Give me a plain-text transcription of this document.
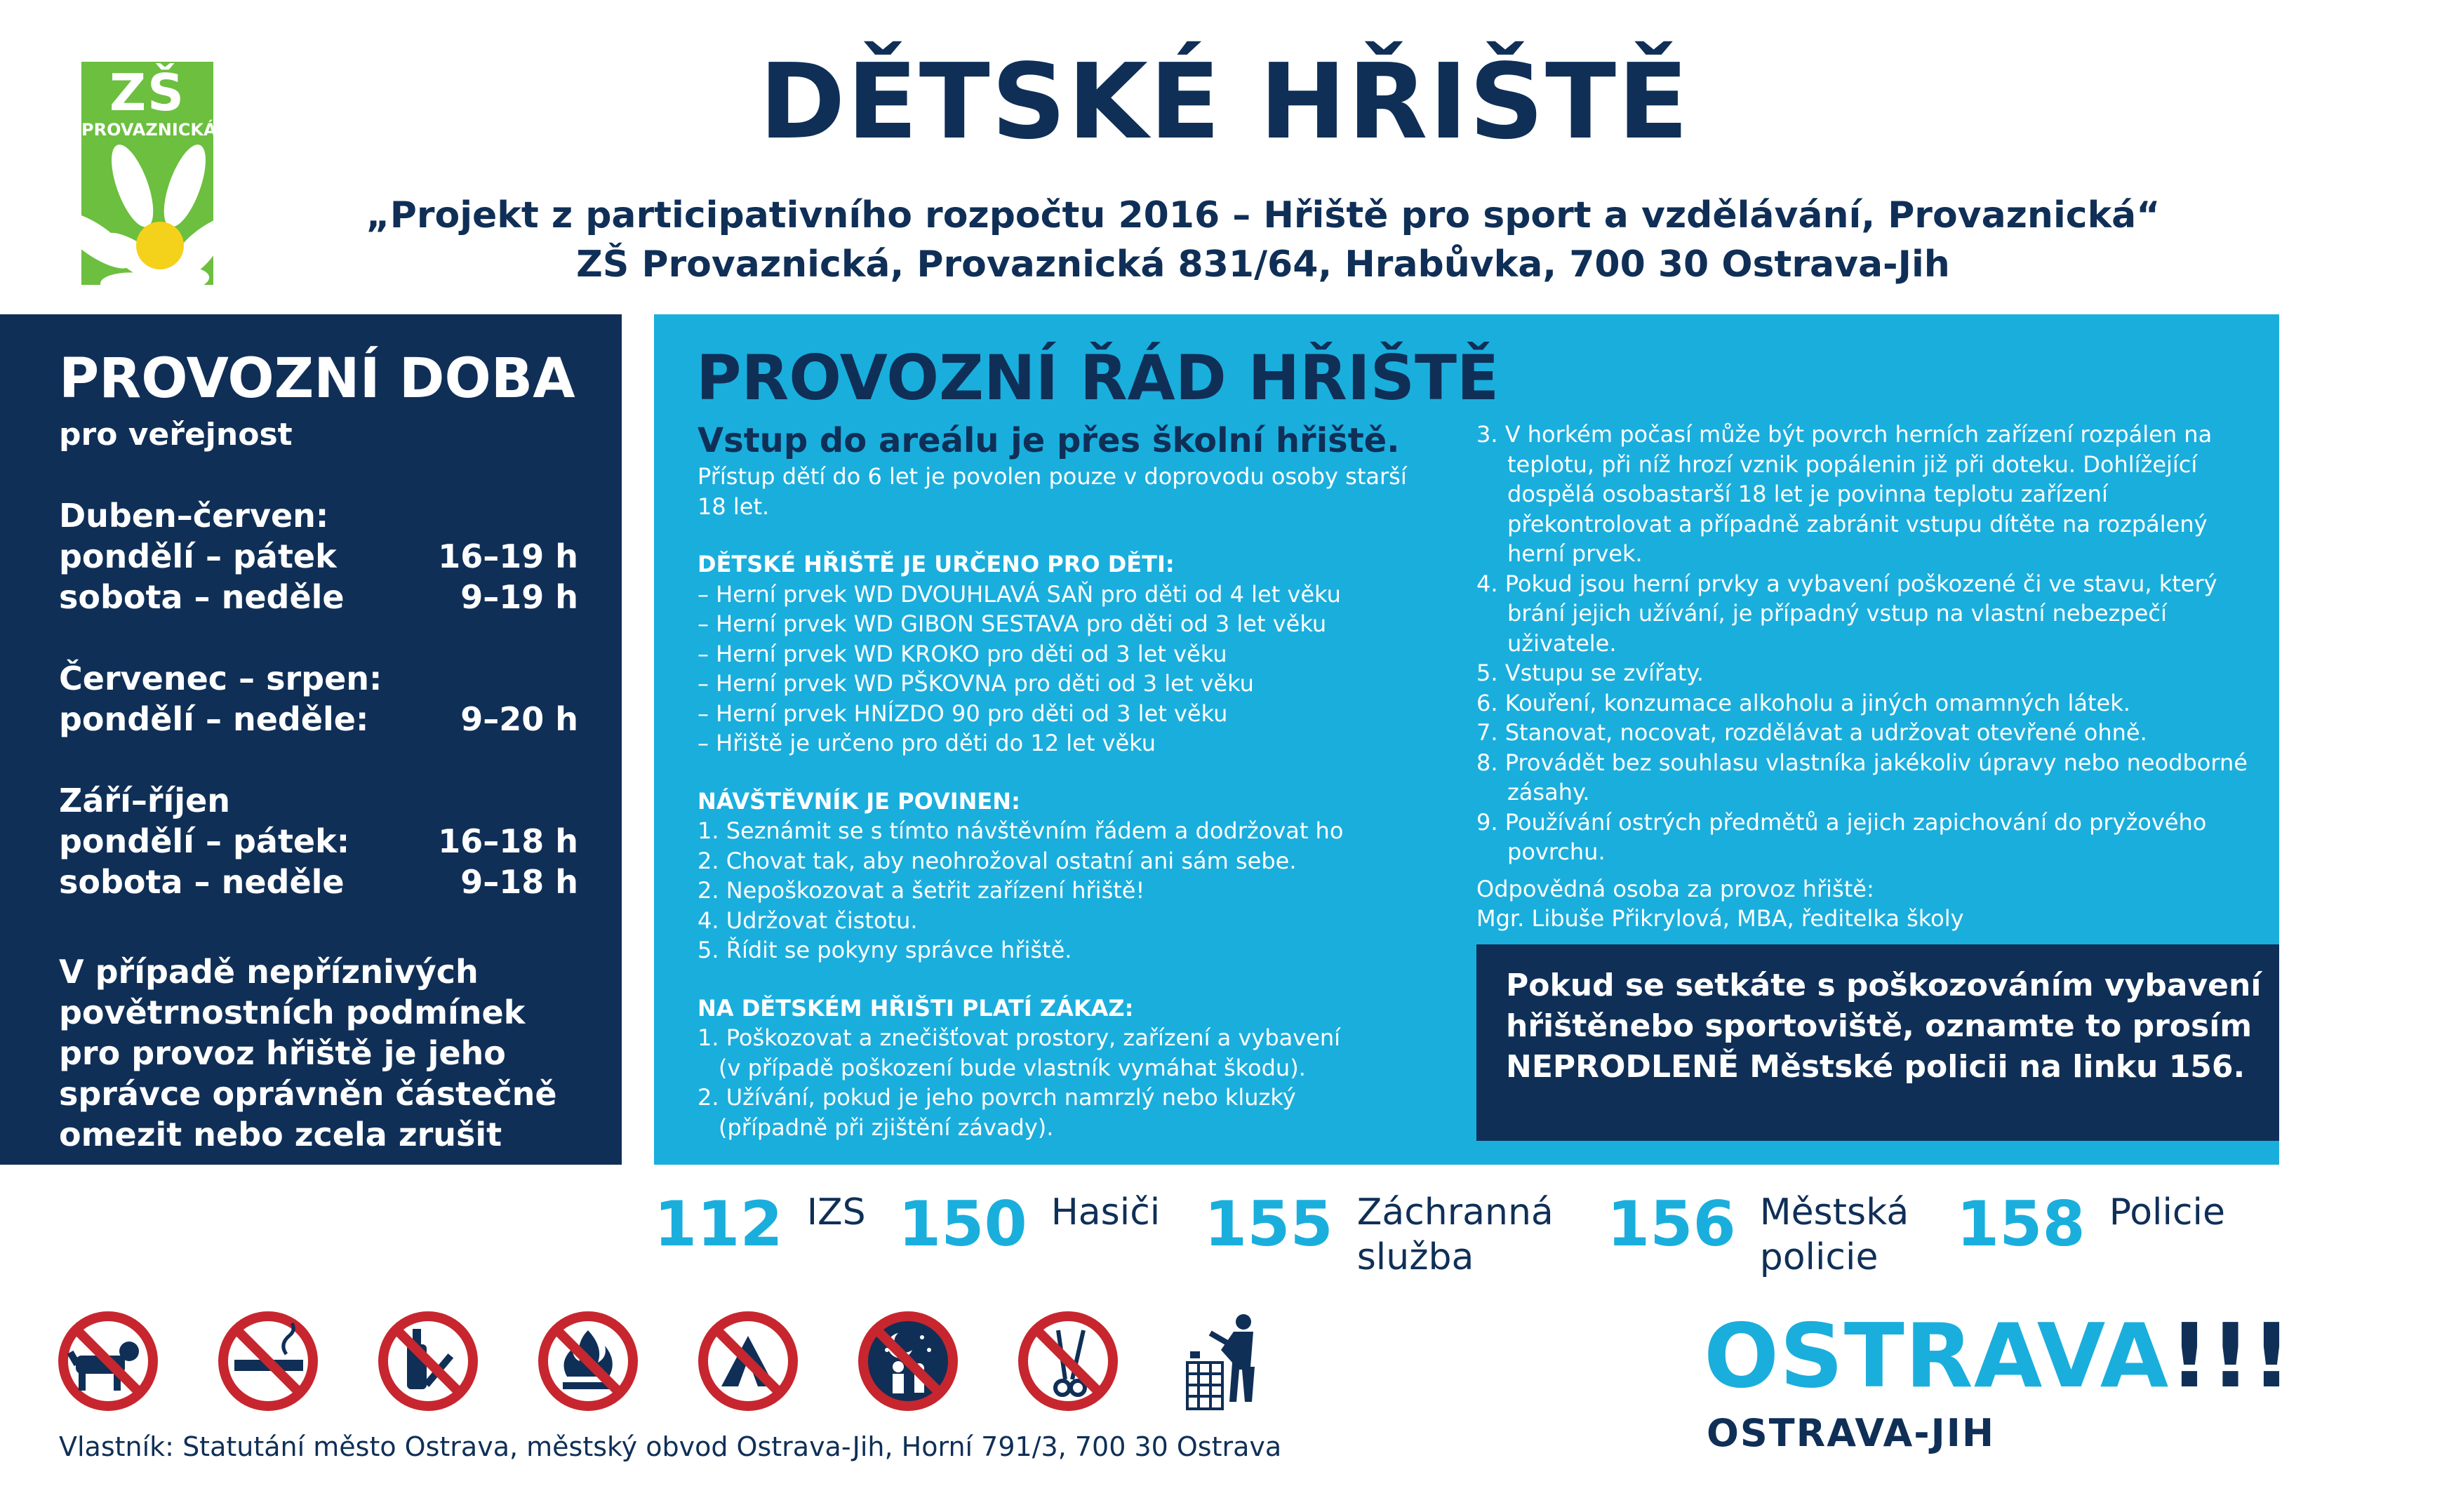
ZŠ
PROVAZNICKÁ	DĚTSKÉ HŘIŠTĚ
„Projekt z participativního rozpočtu 2016 – Hřiště pro sport a vzdělávání, Provaznická“
ZŠ Provaznická, Provaznická 831/64, Hrabůvka, 700 30 Ostrava-Jih
PROVOZNÍ DOBA
pro veřejnost
Duben–červen:
pondělí – pátek	16–19 h
sobota – neděle	9–19 h
Červenec – srpen:
pondělí – neděle:	9–20 h
Září–říjen
pondělí – pátek:	16–18 h
sobota – neděle	9–18 h
V případě nepříznivých povětrnostních podmínek pro provoz hřiště je jeho správce oprávněn částečně omezit nebo zcela zrušit provoz.
PROVOZNÍ ŘÁD HŘIŠTĚ
Vstup do areálu je přes školní hřiště.
Přístup dětí do 6 let je povolen pouze v doprovodu osoby starší 18 let.
DĚTSKÉ HŘIŠTĚ JE URČENO PRO DĚTI:
– Herní prvek WD DVOUHLAVÁ SAŇ pro děti od 4 let věku
– Herní prvek WD GIBON SESTAVA pro děti od 3 let věku
– Herní prvek WD KROKO pro děti od 3 let věku
– Herní prvek WD PŠKOVNA pro děti od 3 let věku
– Herní prvek HNÍZDO 90 pro děti od 3 let věku
– Hřiště je určeno pro děti do 12 let věku
NÁVŠTĚVNÍK JE POVINEN:
1. Seznámit se s tímto návštěvním řádem a dodržovat ho
2. Chovat tak, aby neohrožoval ostatní ani sám sebe.
2. Nepoškozovat a šetřit zařízení hřiště!
4. Udržovat čistotu.
5. Řídit se pokyny správce hřiště.
NA DĚTSKÉM HŘIŠTI PLATÍ ZÁKAZ:
1. Poškozovat a znečišťovat prostory, zařízení a vybavení
(v případě poškození bude vlastník vymáhat škodu).
2. Užívání, pokud je jeho povrch namrzlý nebo kluzký
(případně při zjištění závady).
3. V horkém počasí může být povrch herních zařízení rozpálen na teplotu, při níž hrozí vznik popálenin již při doteku. Dohlížející dospělá osobastarší 18 let je povinna teplotu zařízení překontrolovat a případně zabránit vstupu dítěte na rozpálený herní prvek.
4. Pokud jsou herní prvky a vybavení poškozené či ve stavu, který brání jejich užívání, je případný vstup na vlastní nebezpečí uživatele.
5. Vstupu se zvířaty.
6. Kouření, konzumace alkoholu a jiných omamných látek.
7. Stanovat, nocovat, rozdělávat a udržovat otevřené ohně.
8. Provádět bez souhlasu vlastníka jakékoliv úpravy nebo neodborné zásahy.
9. Používání ostrých předmětů a jejich zapichování do pryžového povrchu.
Odpovědná osoba za provoz hřiště:
Mgr. Libuše Přikrylová, MBA, ředitelka školy
Pokud se setkáte s poškozováním vybavení hřištěnebo sportoviště, oznamte to prosím NEPRODLENĚ Městské policii na linku 156.
112 IZS 150 Hasiči 155 Záchranná služba	156 Městská policie	158 Policie
Vlastník: Statutání město Ostrava, městský obvod Ostrava-Jih, Horní 791/3, 700 30 Ostrava
OSTRAVA!!!
OSTRAVA-JIH
